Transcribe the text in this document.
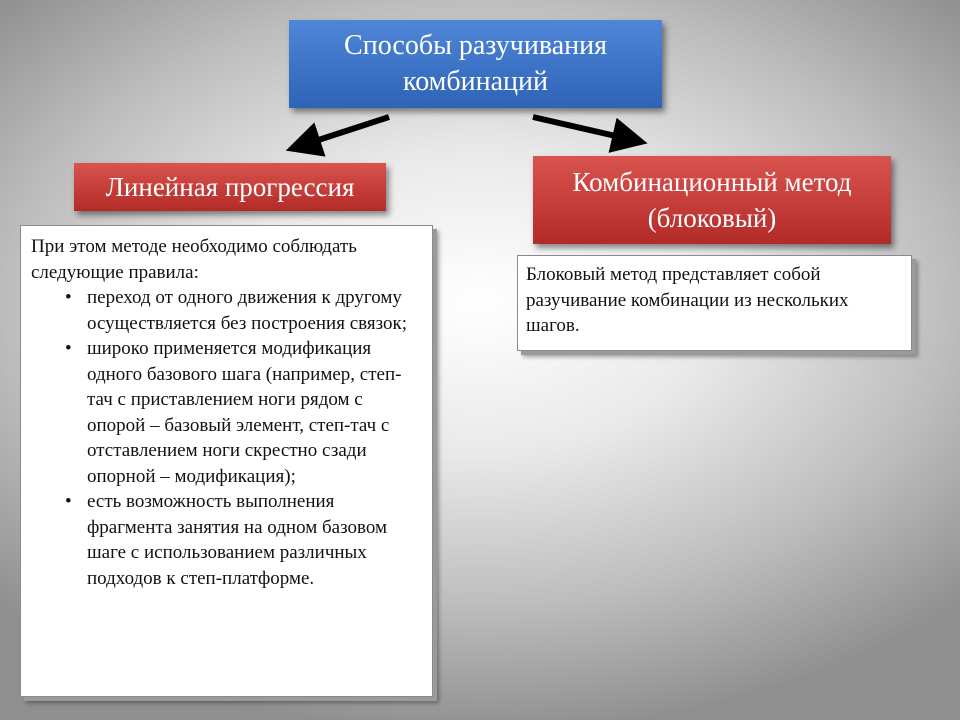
Способы разучивания
комбинаций
Линейная прогрессия	Комбинационный метод
(блоковый)
При этом методе необходимо соблюдать следующие правила:
• переход от одного движения к другому осуществляется без построения связок;
• широко применяется модификация одного базового шага (например, степ-тач с приставлением ноги рядом с опорой – базовый элемент, степ-тач с отставлением ноги скрестно сзади опорной – модификация);
• есть возможность выполнения фрагмента занятия на одном базовом шаге с использованием различных подходов к степ-платформе.
Блоковый метод представляет собой разучивание комбинации из нескольких шагов.
